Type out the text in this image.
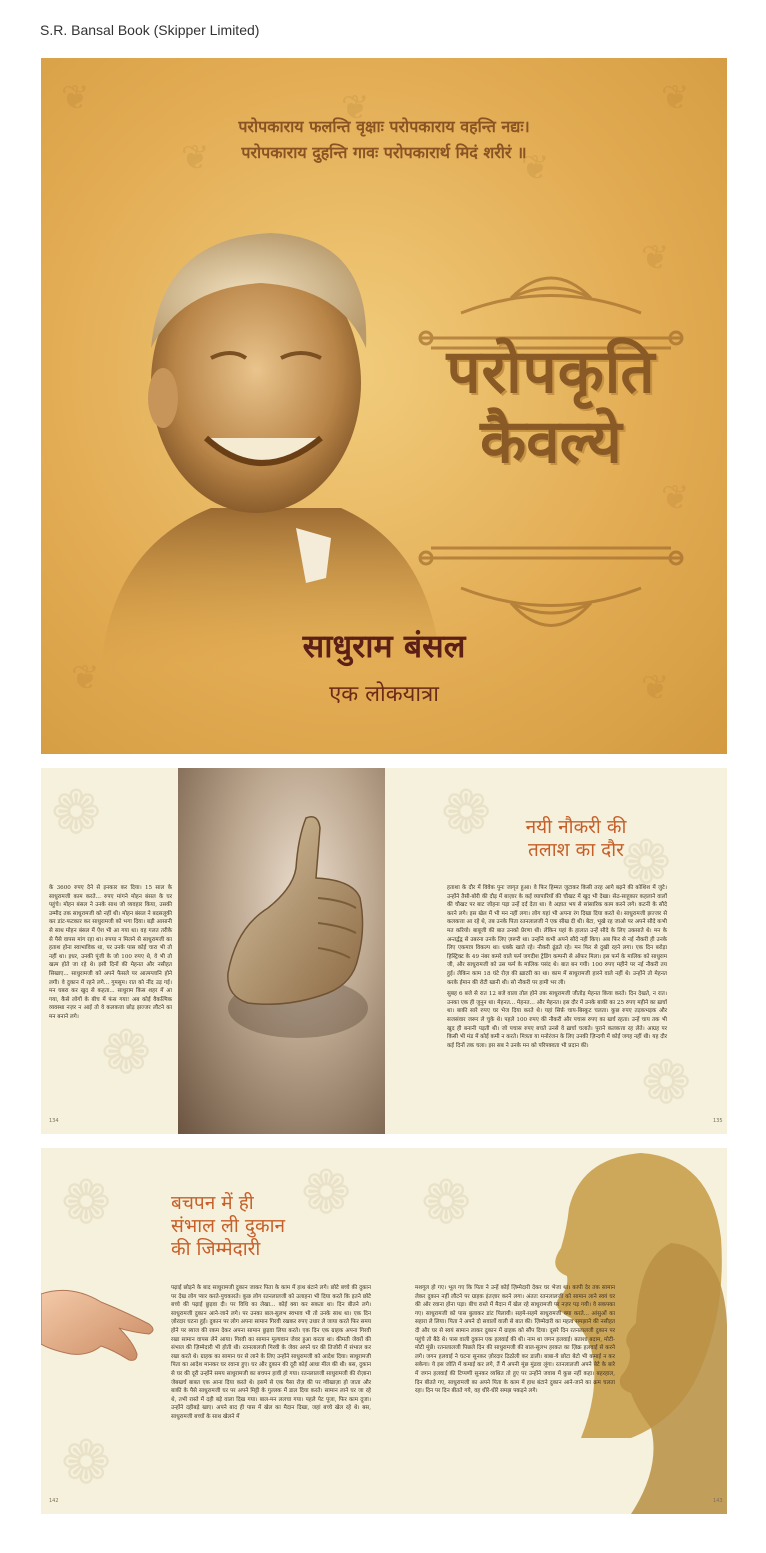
S.R. Bansal Book (Skipper Limited)
❦
❦
❦
❦
❦
❦
❦	❦
❦
परोपकाराय फलन्ति वृक्षाः परोपकाराय वहन्ति नद्यः।
परोपकाराय दुहन्ति गावः परोपकारार्थ मिदं शरीरं ॥
परोपकृति
कैवल्ये
साधुराम बंसल
एक लोकयात्रा
❁
❁
❁
❁
❁
के 3600 रुपए देने से इनकार कर दिया। 15 साल के साधुरामजी काम करते... रुपए मांगने मोहन बंसल के घर पहुंचे। मोहन बंसल ने उनके साथ जो व्यवहार किया, उसकी उम्मीद तक साधुरामजी को नहीं थी। मोहन बंसल ने बदसलूकी कर डांट-फटकार कर साधुरामजी को भगा दिया। बड़ी आसानी से साथ मोहन बंसल में ऐश भी आ गया था। वह गलत तरीके से पैसे वापस मांग रहा था। रुपया न मिलने से साधुरामजी का हताश होना स्वाभाविक था, पर उनके पास कोई चारा भी तो नहीं था। इधर, उनकी पूंजी के जो 100 रुपए थे, वे भी तो खत्म होते जा रहे थे। इसी दिनों की मेहनत और नसीहत सिखाए... साधुरामजी को अपने फैसले पर आत्मग्लानि होने लगी। वे दुकान में रहने लगे... गुमसुम। रात को नींद उड़ गई। मन घबरा कर खुद से कहता... साधुराम किस शहर में आ गया, कैसे लोगों के बीच में फंस गया! अब कोई वैकल्पिक व्यवस्था नज़र न आई तो वे कलकत्ता छोड़ झज्जर लौटने का मन बनाने लगे।
134
नयी नौकरी की
तलाश का दौर

हताशा के दौर में विवेक पुनः जागृत हुआ। वे फिर हिम्मत जुटाकर किसी तरह आगे बढ़ने की कोशिश में जुटे। उन्होंने तैसी-बोरी की दौड़ में बाज़ार के कई व्यापारियों की चौखट में खुद भी देखा। सेठ-साहूकार कहलाने वालों की चौखट पर बाट जोहना पड़ा उन्हें दर्द देता था। वे अज्ञात भय से सांसारिक काम करने लगे। कटनी के सौदे करने लगे। इस खेल में भी मन नहीं लगा। लोग यहां भी अपना रंग दिखा दिया करते थे। साधुरामजी झज्जर से कलकत्ता आ रहे थे, तब उनके पिता रतनलालजी ने एक सीख दी थी। बेटा, भूखे रह जाओ पर अपने सौदे कभी मत करियो। बाबूजी की बात उनको प्रेरणा थी। लेकिन यहां के हालात उन्हें सौदे के लिए उकसाते थे। मन के अन्तर्द्वंद्व से उबरना उनके लिए ज़रूरी था। उन्होंने कभी अपने सौदे नहीं किए। अब फिर से नई नौकरी ही उनके लिए एकमात्र विकल्प था। धक्के खाते रहे। नौकरी ढूंढते रहे। मन फिर से दुखी रहने लगा। एक दिन बरोड़ा हिस्ट्रिक्ट के 49 नंबर कमरे वाले फर्म जगदीश ट्रेडिंग कम्पनी से ऑफर मिला। इस फर्म के मालिक को साधुराम जी, और साधुरामजी को उस फर्म के मालिक पसंद थे। बात बन गयी। 100 रुपए महीने पर नई नौकरी तय हुई। लेकिन काम 18 घंटे रोज़ की ख़ाटरी का था। काम में साधुरामजी हारने वाले नहीं थे। उन्होंने तो मेहनत करके ईमान की रोटी खानी थी। सो नौकरी पर हामी भर ली।

सुबह 6 बजे से रात 12 बजे वाला तोल होने तक साधुरामजी जीतोड़ मेहनत किया करते। दिन देखते, न रात। उनका एक ही जुनून था। मेहनत... मेहनत... और मेहनत। इस दौर में उनके बाकी का 25 रुपए महीने का ख़र्चा था। बाकी सारे रुपए घर भेज दिया करते थे। यहां सिर्फ़ चाय-बिस्कुट चलता। कुछ रुपए तड़कभड़क और सजसंवार जरूर ले चुके थे। पहले 100 रुपए की नौकरी और पचास रुपए का खर्च रहता। उन्हें चाय तक भी खुद ही बनानी पड़ती थी। जो पचास रुपए बचते उनसे वे ख़र्चा चलाते। पुराने कलकत्ता रह लेते। आग्रह पर किसी भी मंड में कोई कमी न करते। मित्रता या मनोरंजन के लिए उनकी ज़िन्दगी में कोई जगह नहीं थी। यह दौर कई दिनों तक चला। इस सब ने उनके मन को परिपक्वता भी प्रदान की।

135
❁	❁
❁
❁
बचपन में ही
संभाल ली दुकान
की जिम्मेदारी
पढ़ाई छोड़ने के बाद साधुरामजी दुकान जाकर पिता के काम में हाथ बंटाने लगे। छोटे बच्चे की दुकान पर देख लोग प्यार करते-पुचकारते। कुछ लोग रतनलालजी को उलाहना भी दिया करते कि इतने छोटे बच्चे की पढ़ाई छुड़वा दी। पर विधि का लेखा... कोई क्या कर सकता था। दिन बीतने लगे। साधुरामजी दुकान आने-जाने लगे। पर उनका बाल-सुलभ स्वभाव भी तो उनके साथ था। एक दिन ज़ोरदार घटना हुई। दुकान पर लोग अपना सामान गिरवी रखकर रुपए उधार ले जाया करते फिर समय होने पर ब्याज की रकम देकर अपना सामान छुड़वा लिया करते। एक दिन एक ग्राहक अपना गिरवी रखा सामान वापस लेने आया। गिरवी का सामान मूल्यवान जेवर हुआ करता था। कीमती जेवरों की संभाल की ज़िम्मेदारी भी होती थी। रतनलालजी गिरवी के जेवर अपने घर की तिजोरी में संभाल कर रखा करते थे। ग्राहक का सामान घर से लाने के लिए उन्होंने साधुरामजी को आदेश दिया। साधुरामजी पिता का आदेश मानकर घर रवाना हुए। घर और दुकान की दूरी कोई आधा मील की थी। बस, दुकान से घर की दूरी उन्होंने समय साधुरामजी का बचपन हावी हो गया। रतनलालजी साधुरामजी की रोज़ाना जेबखर्च बाबत एक आना दिया करते थे। इसमें से एक पैसा रोज़ की पर ग्वीखाज़ा हो जाता और बाकी के पैसे साधुरामजी घर पर अपने मिट्टी के गुल्लक में डाल दिया करते। सामान लाने घर जा रहे थे, तभी रास्ते में दही बड़े वाला दिख गया। बाल-मन ललचा गया। पहले पेट पूजा, फिर काम दूजा। उन्होंने दहीबड़े खाए। अपने बाद ही पास में खेल का मैदान दिखा, जहां बच्चे खेल रहे थे। बस, साधुरामजी बच्चों के साथ खेलने में
142
मशगूल हो गए। भूल गए कि पिता ने उन्हें कोई ज़िम्मेदारी देकर घर भेजा था। कापी देर तक सामान लेकर दुकान नहीं लौटने पर ग्राहक इंतज़ार करने लगा। अंततः रतनलालजी को सामान लाने स्वयं घर की ओर रवाना होना पड़ा। बीच रास्ते में मैदान में खेल रहे साधुरामजी पर नज़र पड़ गयी। वे सकपका गए। साधुरामजी को पास बुलाकर डांट पिलायी। सहमे-सहमे साधुरामजी क्या करते... आंसुओं का सहारा ले लिया। पिता ने अपने दो सवालों वाली से बात की। ज़िम्मेदारी का महत्व समझाने की नसीहत दी और घर से स्वयं सामान लाकर दुकान में ग्राहक को सौंप दिया। दूसरे दिन रतनलालजी दुकान पर पहुंचे तो बैठे थे। पास वाली दुकान एक हलवाई की थी। नाम था जगन हलवाई। बताशा बदाम, मोटी-मोटी मूंछें। रतनलालजी पिछले दिन की साधुरामजी की बाल-सुलभ हरकत का ज़िक्र हलवाई से करने लगे। जगन हलवाई ने घटना सुनकर ज़ोरदार ठिठोली कर डाली। बाबा-ये छोटा बेटो भी कमाई न कर सकेगा। ये इस जोति में कमाई कर लगे, तैं मैं अपनी मूंछ मुंडवा लूंगा। रतनलालजी अपने बेटे के बारे में जगन हलवाई की टिप्पणी सुनकर व्यथित तो हुए पर उन्होंने जवाब में कुछ नहीं कहा। बहरहाल, दिन बीतते गए, साधुरामजी का अपने पिता के काम में हाथ बंटाने दुकान आने-जाने का क्रम चलता रहा। दिन पर दिन बीतते गये, वह धीरे-धीरे समझ पकड़ने लगे।
143
